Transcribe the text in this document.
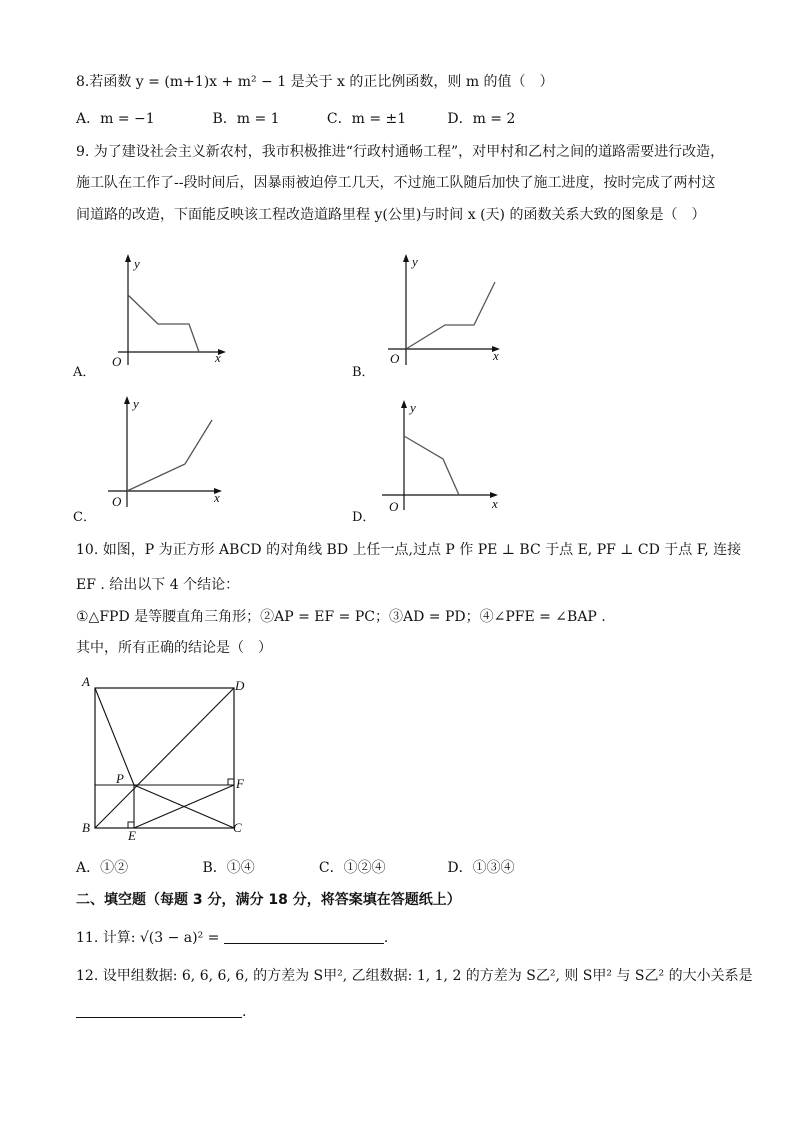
8.若函数 y = (m+1)x + m² − 1 是关于 x 的正比例函数，则 m 的值（　）
A．m = −1	B．m = 1	C．m = ±1	D．m = 2
9. 为了建设社会主义新农村，我市积极推进“行政村通畅工程”，对甲村和乙村之间的道路需要进行改造，
施工队在工作了--段时间后，因暴雨被迫停工几天，不过施工队随后加快了施工进度，按时完成了两村这
间道路的改造，下面能反映该工程改造道路里程 y(公里)与时间 x (天) 的函数关系大致的图象是（　）
y
x
O
A．
y
x
O
B．
y
x
O
C．
y
x
O
D．
10. 如图，P 为正方形 ABCD 的对角线 BD 上任一点,过点 P 作 PE ⊥ BC 于点 E, PF ⊥ CD 于点 F, 连接
EF . 给出以下 4 个结论：
①△FPD 是等腰直角三角形；②AP = EF = PC；③AD = PD；④∠PFE = ∠BAP .
其中，所有正确的结论是（　）
A	D
P	F
B	C
E
A．①②	B．①④	C．①②④	D．①③④
二、填空题（每题 3 分，满分 18 分，将答案填在答题纸上）
11. 计算: √(3 − a)² =	.
12. 设甲组数据: 6, 6, 6, 6, 的方差为 S甲², 乙组数据: 1, 1, 2 的方差为 S乙², 则 S甲² 与 S乙² 的大小关系是
.
